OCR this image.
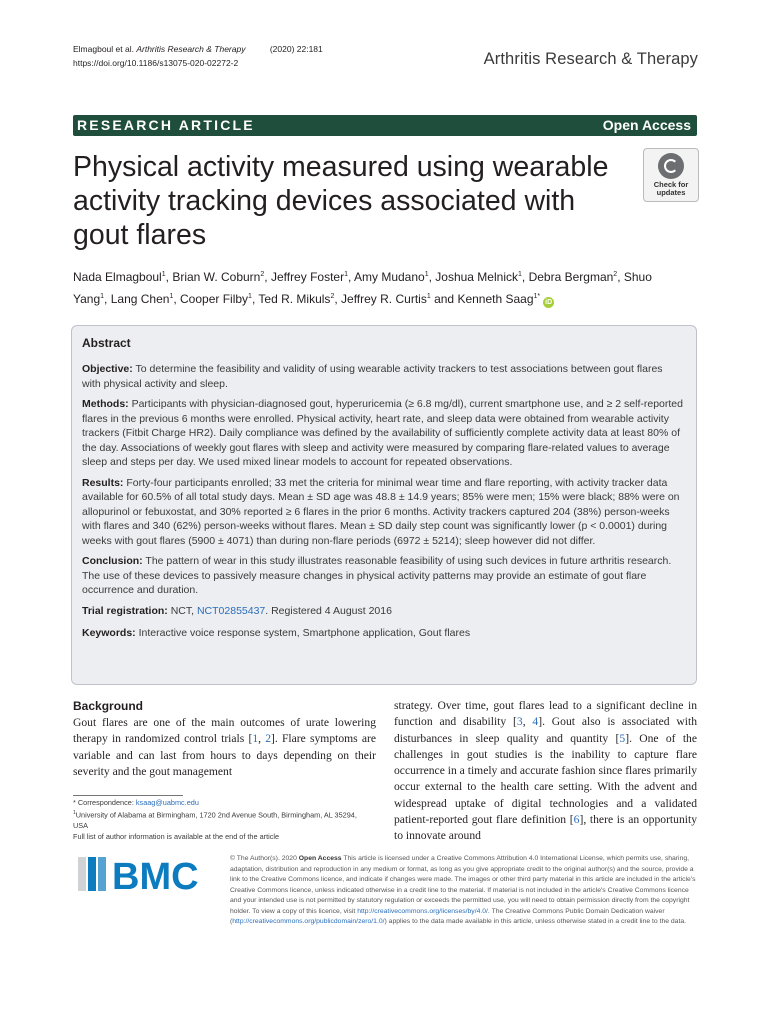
Elmagboul et al. Arthritis Research & Therapy	(2020) 22:181
https://doi.org/10.1186/s13075-020-02272-2	Arthritis Research & Therapy
RESEARCH ARTICLE	Open Access
Physical activity measured using wearable activity tracking devices associated with gout flares
Check for
updates
Nada Elmagboul$^1$, Brian W. Coburn$^2$, Jeffrey Foster$^1$, Amy Mudano$^1$, Joshua Melnick$^1$, Debra Bergman$^2$, Shuo Yang$^1$, Lang Chen$^1$, Cooper Filby$^1$, Ted R. Mikuls$^2$, Jeffrey R. Curtis$^1$ and Kenneth Saag$^{1*}$iD
Abstract

Objective: To determine the feasibility and validity of using wearable activity trackers to test associations between gout flares with physical activity and sleep.

Methods: Participants with physician-diagnosed gout, hyperuricemia (≥ 6.8 mg/dl), current smartphone use, and ≥ 2 self-reported flares in the previous 6 months were enrolled. Physical activity, heart rate, and sleep data were obtained from wearable activity trackers (Fitbit Charge HR2). Daily compliance was defined by the availability of sufficiently complete activity data at least 80% of the day. Associations of weekly gout flares with sleep and activity were measured by comparing flare-related values to average sleep and steps per day. We used mixed linear models to account for repeated observations.

Results: Forty-four participants enrolled; 33 met the criteria for minimal wear time and flare reporting, with activity tracker data available for 60.5% of all total study days. Mean ± SD age was 48.8 ± 14.9 years; 85% were men; 15% were black; 88% were on allopurinol or febuxostat, and 30% reported ≥ 6 flares in the prior 6 months. Activity trackers captured 204 (38%) person-weeks with flares and 340 (62%) person-weeks without flares. Mean ± SD daily step count was significantly lower (p < 0.0001) during weeks with gout flares (5900 ± 4071) than during non-flare periods (6972 ± 5214); sleep however did not differ.

Conclusion: The pattern of wear in this study illustrates reasonable feasibility of using such devices in future arthritis research. The use of these devices to passively measure changes in physical activity patterns may provide an estimate of gout flare occurrence and duration.

Trial registration: NCT, NCT02855437. Registered 4 August 2016

Keywords: Interactive voice response system, Smartphone application, Gout flares

Background
Gout flares are one of the main outcomes of urate lowering therapy in randomized control trials [1, 2]. Flare symptoms are variable and can last from hours to days depending on their severity and the gout management
strategy. Over time, gout flares lead to a significant decline in function and disability [3, 4]. Gout also is associated with disturbances in sleep quality and quantity [5]. One of the challenges in gout studies is the inability to capture flare occurrence in a timely and accurate fashion since flares primarily occur external to the health care setting. With the advent and widespread uptake of digital technologies and a validated patient-reported gout flare definition [6], there is an opportunity to innovate around
* Correspondence: ksaag@uabmc.edu
$^1$University of Alabama at Birmingham, 1720 2nd Avenue South, Birmingham, AL 35294, USA
Full list of author information is available at the end of the article
BMC	© The Author(s). 2020 Open Access This article is licensed under a Creative Commons Attribution 4.0 International License, which permits use, sharing, adaptation, distribution and reproduction in any medium or format, as long as you give appropriate credit to the original author(s) and the source, provide a link to the Creative Commons licence, and indicate if changes were made. The images or other third party material in this article are included in the article's Creative Commons licence, unless indicated otherwise in a credit line to the material. If material is not included in the article's Creative Commons licence and your intended use is not permitted by statutory regulation or exceeds the permitted use, you will need to obtain permission directly from the copyright holder. To view a copy of this licence, visit http://creativecommons.org/licenses/by/4.0/. The Creative Commons Public Domain Dedication waiver (http://creativecommons.org/publicdomain/zero/1.0/) applies to the data made available in this article, unless otherwise stated in a credit line to the data.
